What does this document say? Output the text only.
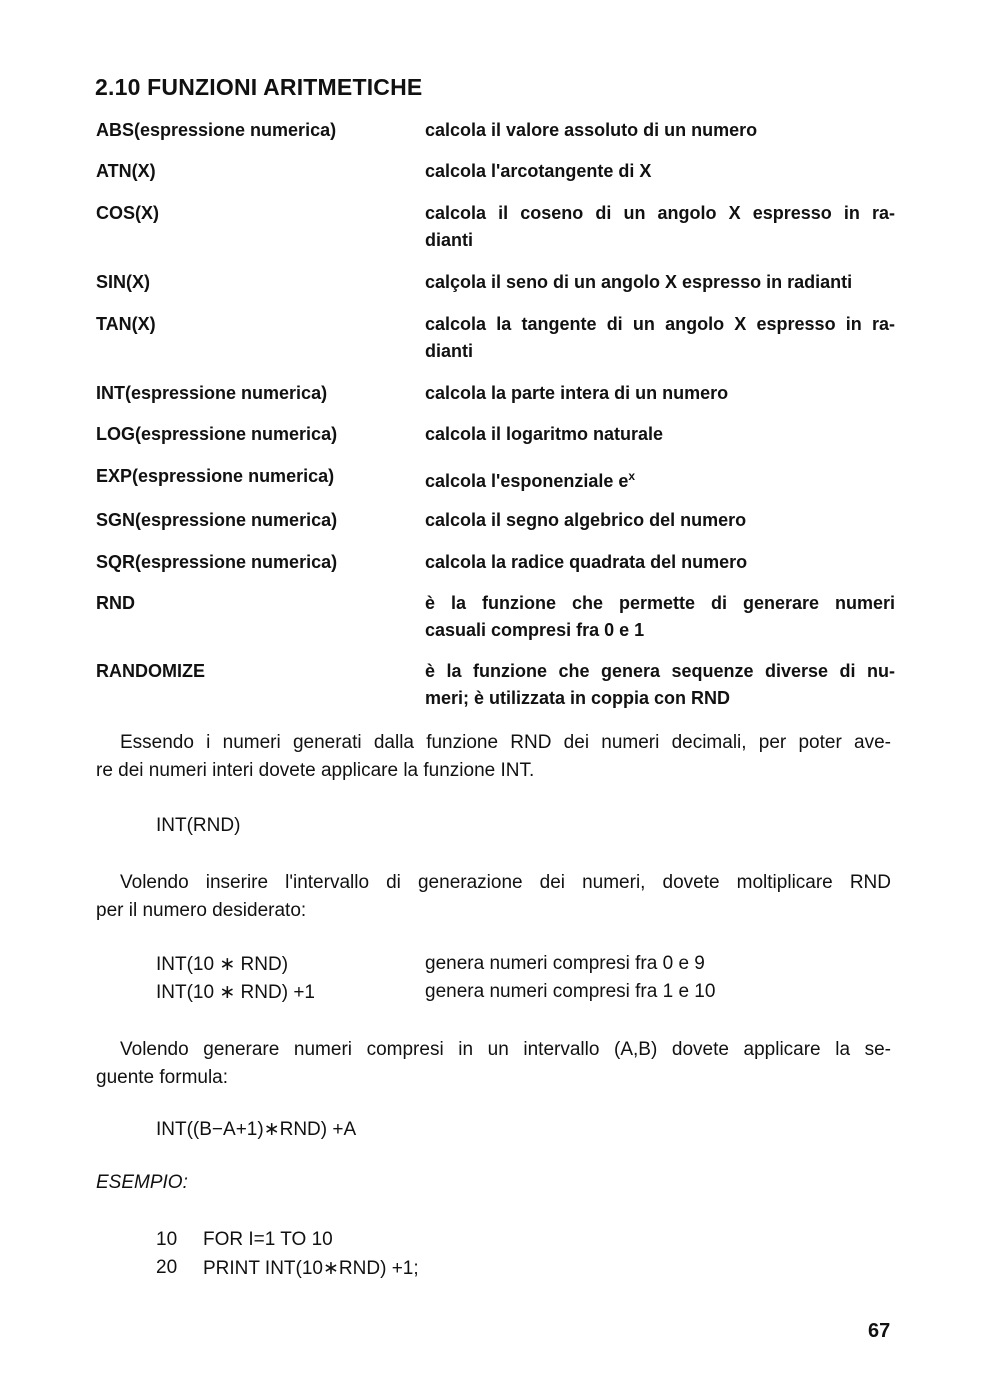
2.10 FUNZIONI ARITMETICHE
ABS(espressione numerica)	calcola il valore assoluto di un numero
ATN(X)	calcola l'arcotangente di X
COS(X)	calcola il coseno di un angolo X espresso in ra-
dianti
SIN(X)	calçola il seno di un angolo X espresso in radianti
TAN(X)	calcola la tangente di un angolo X espresso in ra-
dianti
INT(espressione numerica)	calcola la parte intera di un numero
LOG(espressione numerica)	calcola il logaritmo naturale
EXP(espressione numerica)	calcola l'esponenziale $e^x$
SGN(espressione numerica)	calcola il segno algebrico del numero
SQR(espressione numerica)	calcola la radice quadrata del numero
RND	è la funzione che permette di generare numeri
casuali compresi fra 0 e 1
RANDOMIZE	è la funzione che genera sequenze diverse di nu-
meri; è utilizzata in coppia con RND
Essendo i numeri generati dalla funzione RND dei numeri decimali, per poter ave-
re dei numeri interi dovete applicare la funzione INT.
INT(RND)
Volendo inserire l'intervallo di generazione dei numeri, dovete moltiplicare RND
per il numero desiderato:
INT(10 ∗ RND)	genera numeri compresi fra 0 e 9
INT(10 ∗ RND) +1	genera numeri compresi fra 1 e 10
Volendo generare numeri compresi in un intervallo (A,B) dovete applicare la se-
guente formula:
INT((B−A+1)∗RND) +A
ESEMPIO:
10 FOR I=1 TO 10
20 PRINT INT(10∗RND) +1;
67
